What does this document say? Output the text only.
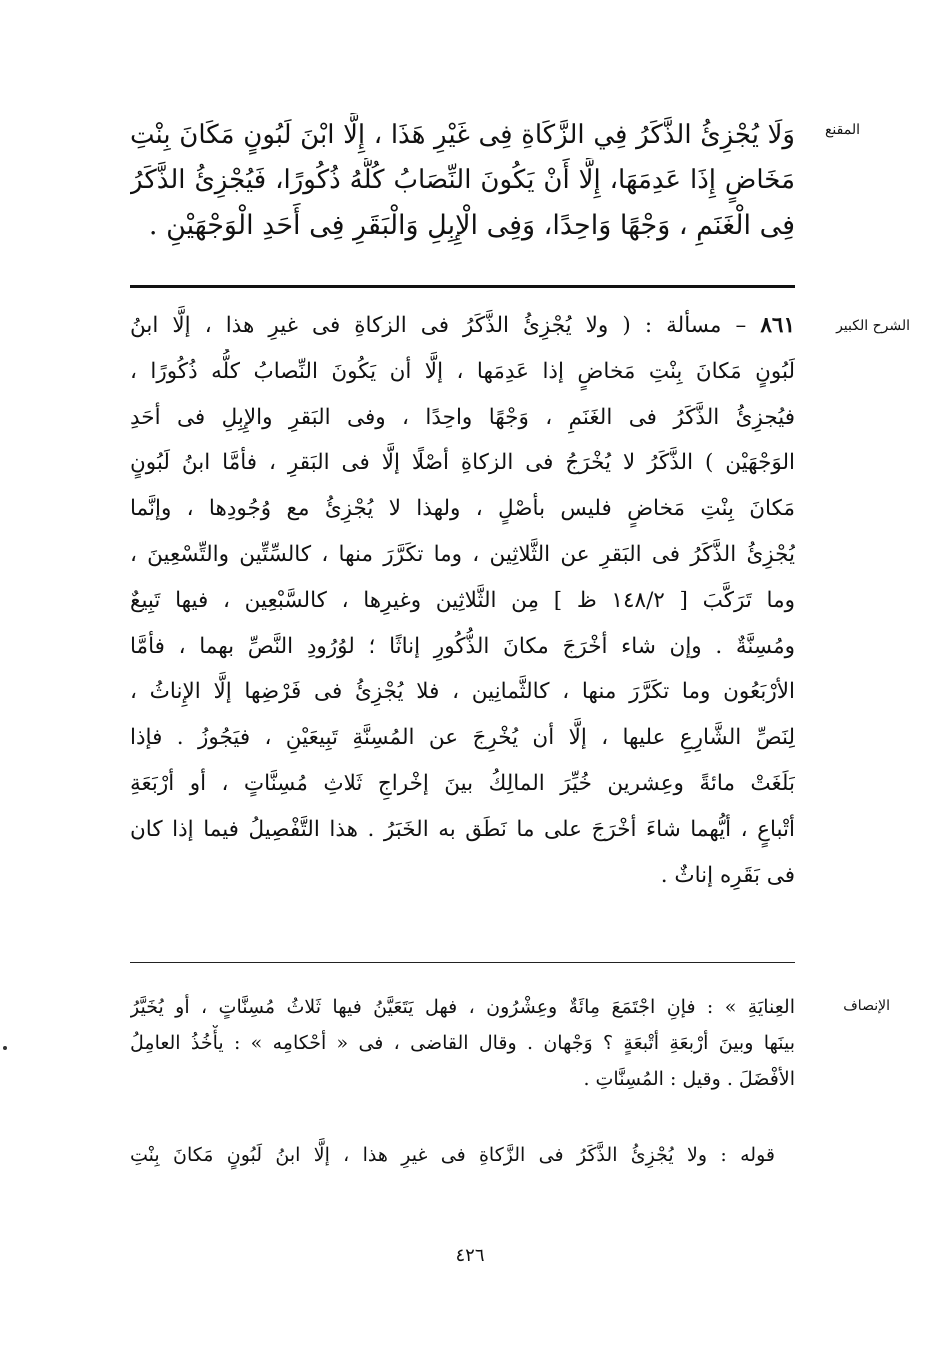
المقنع
وَلَا يُجْزِئُ الذَّكَرُ فِي الزَّكَاةِ فِى غَيْرِ هَذَا ، إِلَّا ابْنَ لَبُونٍ مَكَانَ بِنْتِ
مَخَاضٍ إِذَا عَدِمَهَا، إِلَّا أَنْ يَكُونَ النِّصَابُ كُلُّهُ ذُكُورًا، فَيُجْزِئُ الذَّكَرُ
فِى الْغَنَمِ ، وَجْهًا وَاحِدًا، وَفِى الْإِبِلِ وَالْبَقَرِ فِى أَحَدِ الْوَجْهَيْنِ .
الشرح الكبير
٨٦١ – مسألة : ( ولا يُجْزِئُ الذَّكَرُ فى الزكاةِ فى غيرِ هذا ، إلَّا ابنُ
لَبُونٍ مَكانَ بِنْتِ مَخاضٍ إذا عَدِمَها ، إلَّا أن يَكُونَ النِّصابُ كلُّه ذُكُورًا ،
فيُجزِئُ الذَّكَرُ فى الغَنَمِ ، وَجْهًا واحِدًا ، وفى البَقرِ والإِبِلِ فى أحَدِ
الوَجْهَيْن ) الذَّكَرُ لا يُخْرَجُ فى الزكاةِ أصْلًا إلَّا فى البَقرِ ، فأمَّا ابنُ لَبُونٍ
مَكانَ بِنْتِ مَخاضٍ فليس بأصْلٍ ، ولهذا لا يُجْزِئُ مع وُجُودِها ، وإنَّما
يُجْزِئُ الذَّكَرُ فى البَقرِ عن الثَّلاثِين ، وما تكَرَّرَ منها ، كالسِّتِّين والتِّسْعِينَ ،
وما تَرَكَّبَ [ ١٤٨/٢ ظ ] مِن الثَّلاثِين وغيرِها ، كالسَّبْعِين ، فيها تَبِيعٌ
ومُسِنَّةٌ . وإن شاء أخْرَجَ مكانَ الذُّكُورِ إناثًا ؛ لوُرُودِ النَّصِّ بهما ، فأمَّا
الأرْبَعُون وما تكَرَّرَ منها ، كالثَّمانِين ، فلا يُجْزِئُ فى فَرْضِها إلَّا الإِناثُ ،
لِنَصِّ الشَّارِعِ عليها ، إلَّا أن يُخْرِجَ عن المُسِنَّةِ تَبِيعَيْنِ ، فيَجُوزُ . فإذا
بَلَغَتْ مائةً وعِشرين خُيِّرَ المالِكُ بينَ إخْراجِ ثَلاثِ مُسِنَّاتٍ ، أو أرْبَعَةِ
أتْباعٍ ، أيُّهما شاءَ أخْرَجَ على ما نَطَق به الخَبَرُ . هذا التَّفْصِيلُ فيما إذا كان
فى بَقَرِه إناثٌ .
الإنصاف
العِنايَةِ » : فإنِ اجْتَمَعَ مِائَةٌ وعِشْرُون ، فهل يَتَعَيَّنُ فيها ثَلاثُ مُسِنَّاتٍ ، أو يُخَيَّرُ
بينَها وبينَ أرْبعَةِ أتْبعَةٍ ؟ وَجْهان . وقال القاضى ، فى « أحْكامِه » : يأْخُذُ العامِلُ
الأفْضَلَ . وقيل : المُسِنَّاتِ .
قوله : ولا يُجْزِئُ الذَّكَرُ فى الزَّكاةِ فى غيرِ هذا ، إلَّا ابنُ لَبُونٍ مَكانَ بِنْتِ
٤٢٦
